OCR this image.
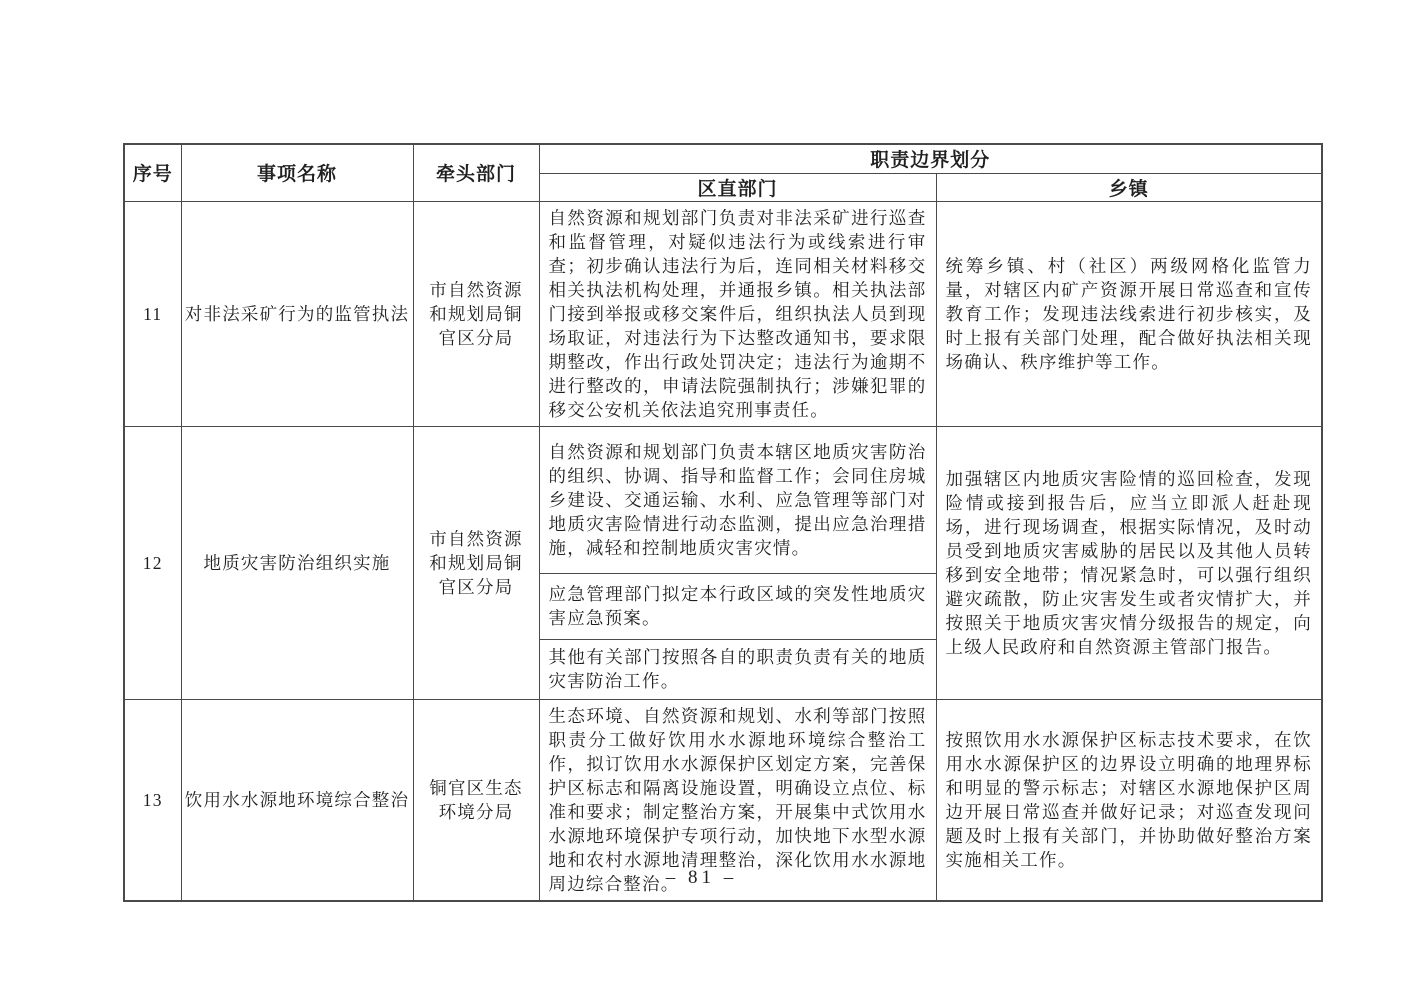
序号	事项名称	牵头部门	职责边界划分	
			区直部门	乡镇
11	对非法采矿行为的监管执法	市自然资源和规划局铜官区分局	自然资源和规划部门负责对非法采矿进行巡查和监督管理，对疑似违法行为或线索进行审查；初步确认违法行为后，连同相关材料移交相关执法机构处理，并通报乡镇。相关执法部门接到举报或移交案件后，组织执法人员到现场取证，对违法行为下达整改通知书，要求限期整改，作出行政处罚决定；违法行为逾期不进行整改的，申请法院强制执行；涉嫌犯罪的移交公安机关依法追究刑事责任。	统筹乡镇、村（社区）两级网格化监管力量，对辖区内矿产资源开展日常巡查和宣传教育工作；发现违法线索进行初步核实，及时上报有关部门处理，配合做好执法相关现场确认、秩序维护等工作。
12	地质灾害防治组织实施	市自然资源和规划局铜官区分局	自然资源和规划部门负责本辖区地质灾害防治的组织、协调、指导和监督工作；会同住房城乡建设、交通运输、水利、应急管理等部门对地质灾害险情进行动态监测，提出应急治理措施，减轻和控制地质灾害灾情。	加强辖区内地质灾害险情的巡回检查，发现险情或接到报告后，应当立即派人赶赴现场，进行现场调查，根据实际情况，及时动员受到地质灾害威胁的居民以及其他人员转移到安全地带；情况紧急时，可以强行组织避灾疏散，防止灾害发生或者灾情扩大，并按照关于地质灾害灾情分级报告的规定，向上级人民政府和自然资源主管部门报告。
			应急管理部门拟定本行政区域的突发性地质灾害应急预案。	
			其他有关部门按照各自的职责负责有关的地质灾害防治工作。	
13	饮用水水源地环境综合整治	铜官区生态环境分局	生态环境、自然资源和规划、水利等部门按照职责分工做好饮用水水源地环境综合整治工作，拟订饮用水水源保护区划定方案，完善保护区标志和隔离设施设置，明确设立点位、标准和要求；制定整治方案，开展集中式饮用水水源地环境保护专项行动，加快地下水型水源地和农村水源地清理整治，深化饮用水水源地周边综合整治。	按照饮用水水源保护区标志技术要求，在饮用水水源保护区的边界设立明确的地理界标和明显的警示标志；对辖区水源地保护区周边开展日常巡查并做好记录；对巡查发现问题及时上报有关部门，并协助做好整治方案实施相关工作。
– 81 –
